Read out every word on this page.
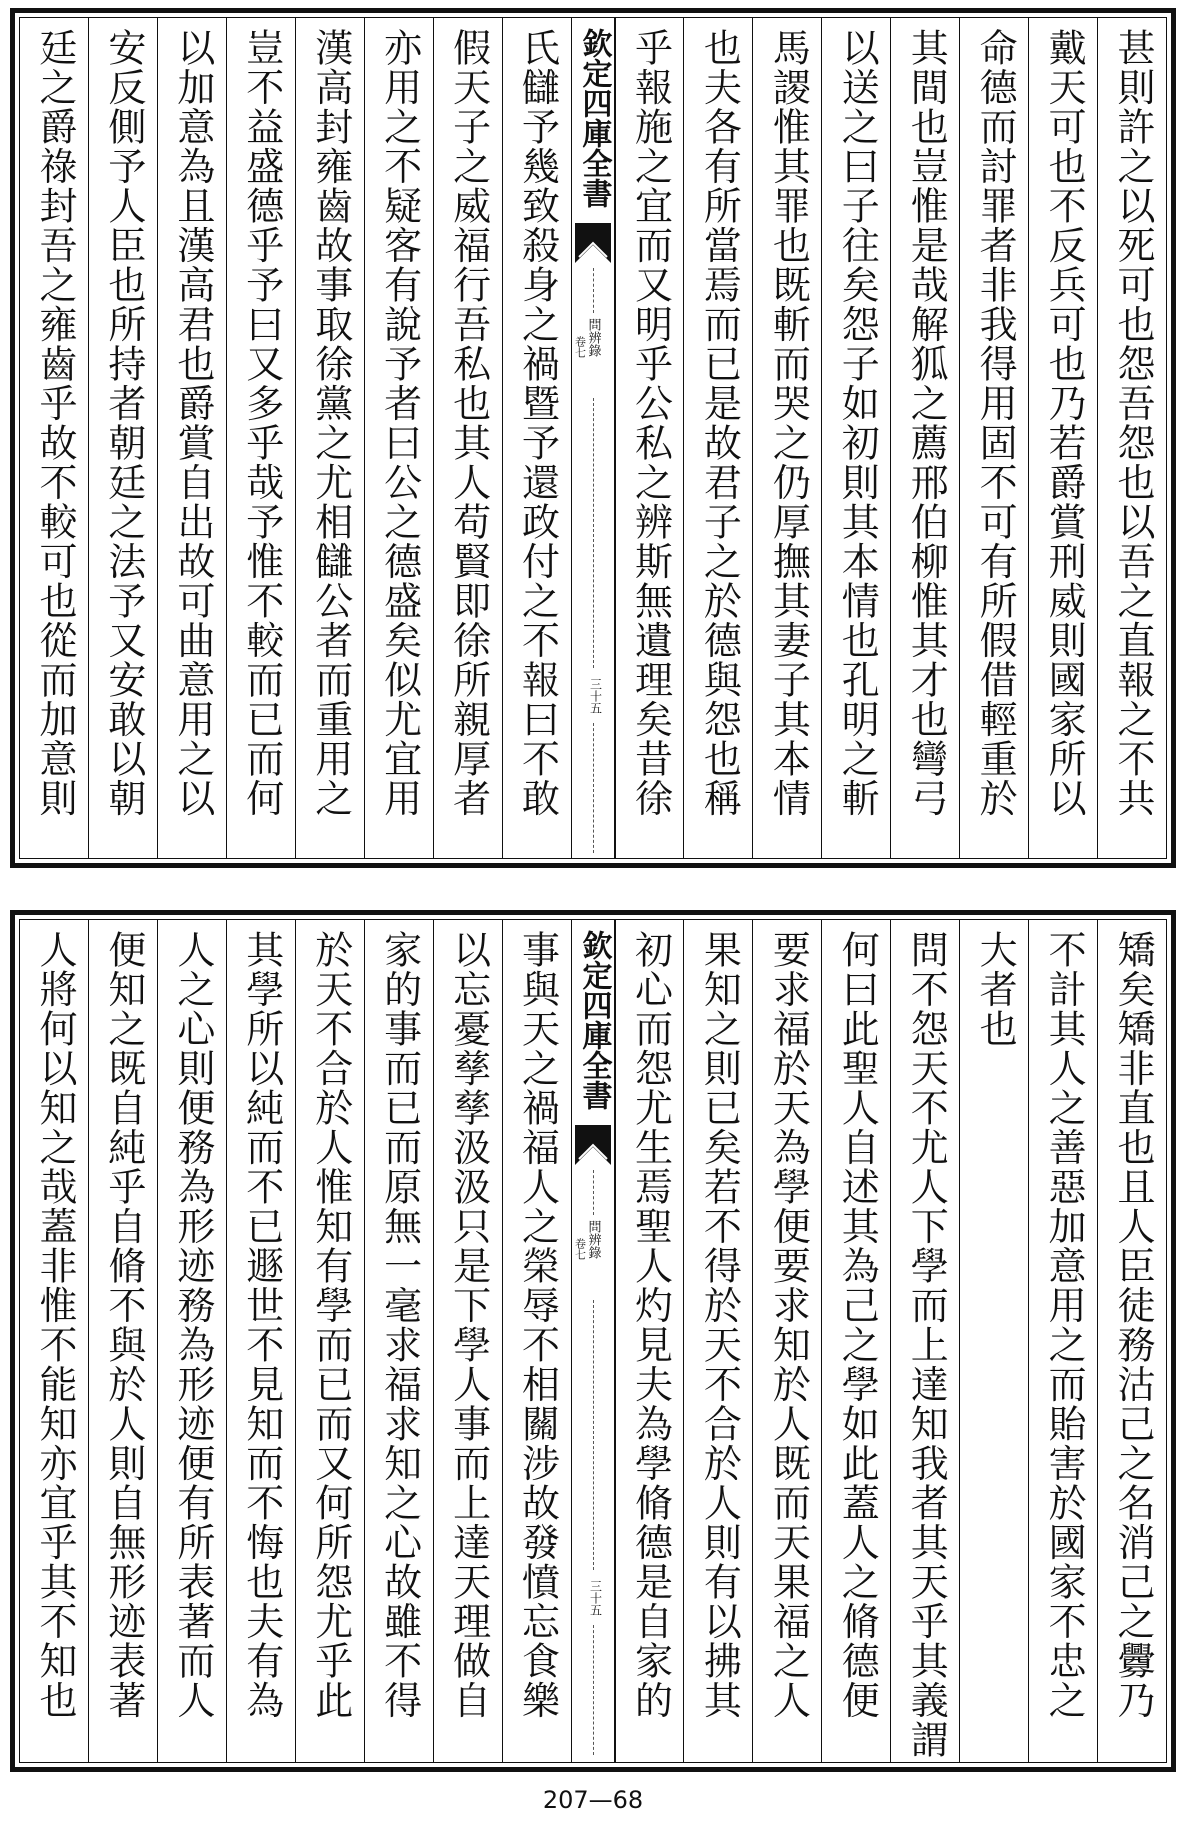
甚則許之以死可也怨吾怨也以吾之直報之不共
戴天可也不反兵可也乃若爵賞刑威則國家所以
命德而討罪者非我得用固不可有所假借輕重於
其間也豈惟是哉解狐之薦邢伯柳惟其才也彎弓
以送之曰子往矣怨子如初則其本情也孔明之斬
馬謖惟其罪也既斬而哭之仍厚撫其妻子其本情
也夫各有所當焉而已是故君子之於德與怨也稱
乎報施之宜而又明乎公私之辨斯無遺理矣昔徐
欽定四庫全書
問辨錄
卷七
三十五
氏讎予幾致殺身之禍暨予還政付之不報曰不敢
假天子之威福行吾私也其人苟賢即徐所親厚者
亦用之不疑客有說予者曰公之德盛矣似尤宜用
漢高封雍齒故事取徐黨之尤相讎公者而重用之
豈不益盛德乎予曰又多乎哉予惟不較而已而何
以加意為且漢高君也爵賞自出故可曲意用之以
安反側予人臣也所持者朝廷之法予又安敢以朝
廷之爵祿封吾之雍齒乎故不較可也從而加意則
矯矣矯非直也且人臣徒務沽己之名消己之釁乃
不計其人之善惡加意用之而貽害於國家不忠之
大者也
問不怨天不尤人下學而上達知我者其天乎其義謂
何曰此聖人自述其為己之學如此蓋人之脩德便
要求福於天為學便要求知於人既而天果福之人
果知之則已矣若不得於天不合於人則有以拂其
初心而怨尤生焉聖人灼見夫為學脩德是自家的
欽定四庫全書
問辨錄
卷七
三十五
事與天之禍福人之榮辱不相關涉故發憤忘食樂
以忘憂孳孳汲汲只是下學人事而上達天理做自
家的事而已而原無一毫求福求知之心故雖不得
於天不合於人惟知有學而已而又何所怨尤乎此
其學所以純而不已遯世不見知而不悔也夫有為
人之心則便務為形迹務為形迹便有所表著而人
便知之既自純乎自脩不與於人則自無形迹表著
人將何以知之哉蓋非惟不能知亦宜乎其不知也
207—68
